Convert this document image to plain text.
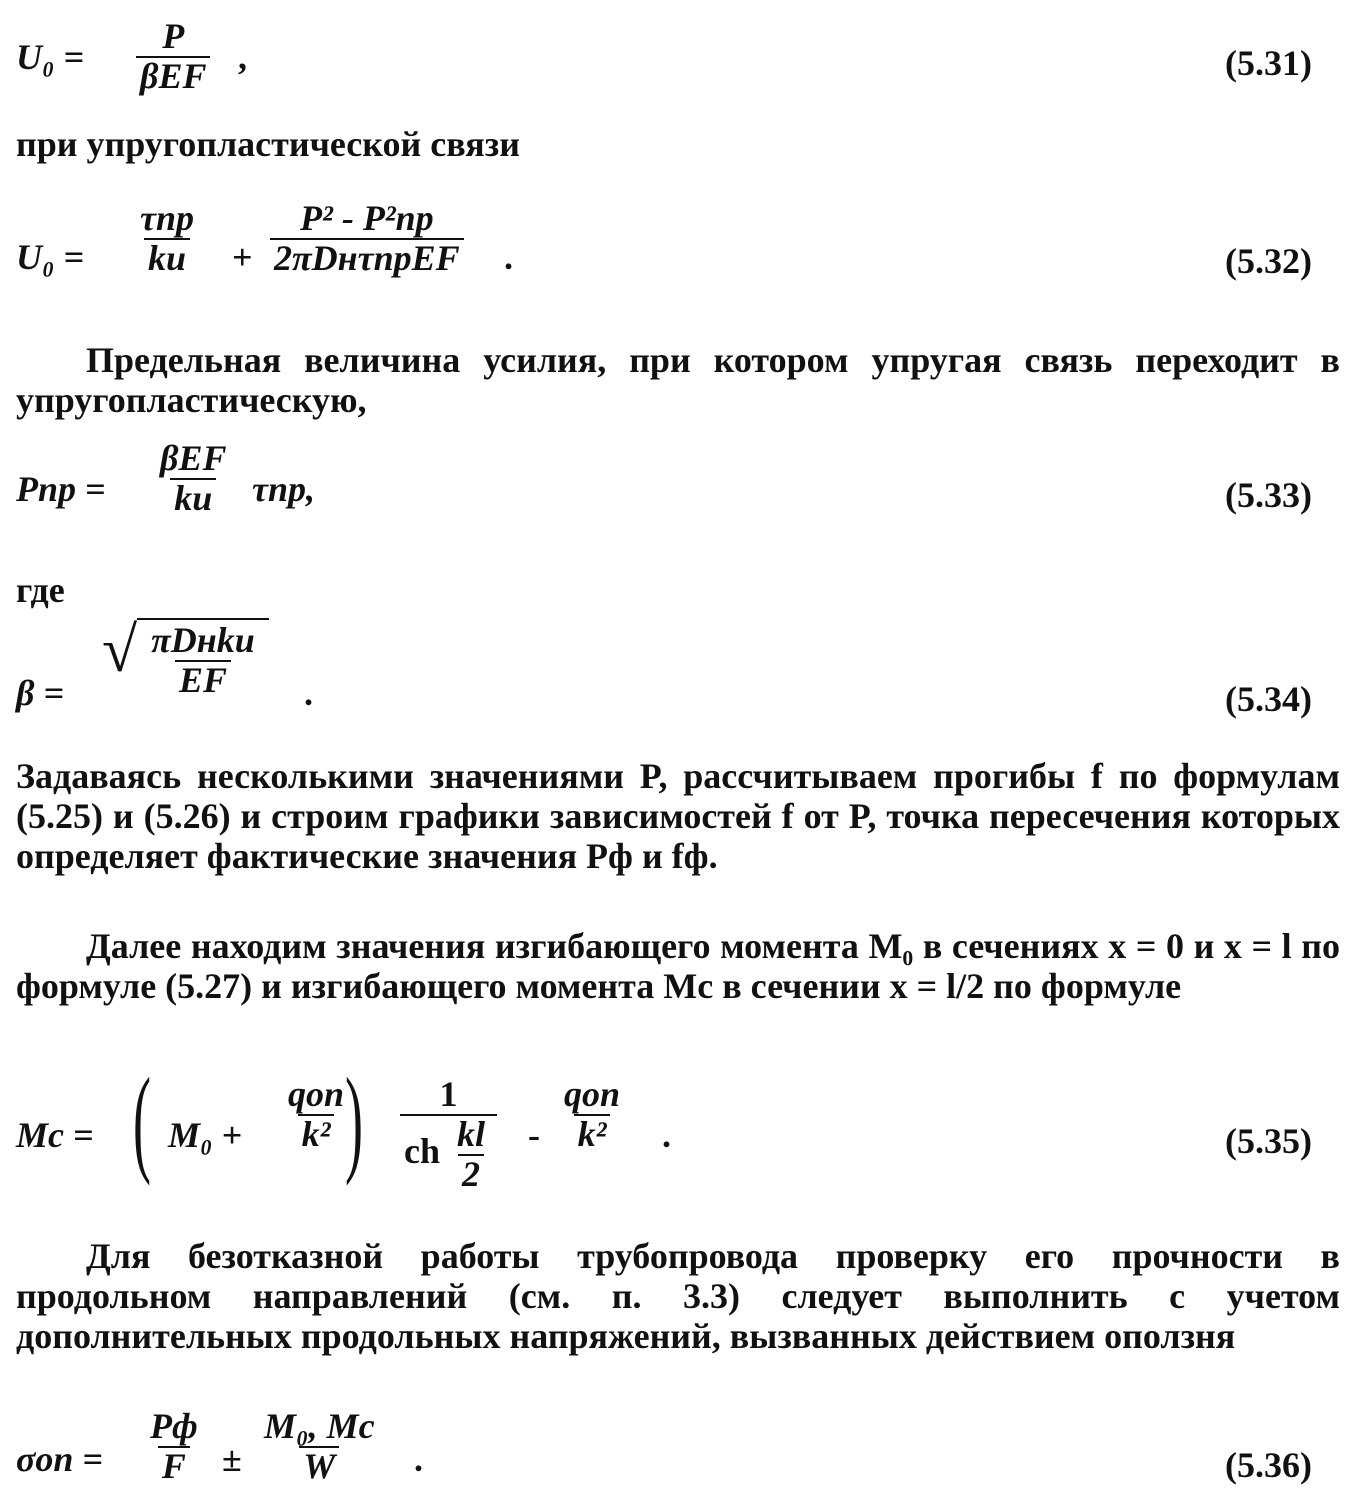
$U_0 = \frac{P}{\text{βEF}}$ ,	(5.31)
при упругопластической связи
$U_0 = \frac{\text{τпр}}{kи} + \frac{\text{P² - P²пр}}{\text{2πDнτпрEF}}$ .	(5.32)
Предельная величина усилия, при котором упругая связь переходит в упругопластическую,
Pпр = $\frac{\text{βEF}}{kи} \tau пр$,	(5.33)
где
β =
√ $\frac{\text{πDнkи}}{EF}$ .	(5.34)
Задаваясь несколькими значениями P, рассчитываем прогибы f по формулам (5.25) и (5.26) и строим графики зависимостей f от P, точка пересечения которых определяет фактические значения Pф и fф.
Далее находим значения изгибающего момента M₀ в сечениях x = 0 и x = l по формуле (5.27) и изгибающего момента Mc в сечении x = l/2 по формуле
Mc = ( $M_0 + \frac{\text{qоп}}{\text{k²}}$
) $\frac{1}{ch \frac{kl}{2}} - \frac{\text{qоп}}{\text{k²}}$ .	(5.35)
Для безотказной работы трубопровода проверку его прочности в продольном направлений (см. п. 3.3) следует выполнить с учетом дополнительных продольных напряжений, вызванных действием оползня
$\sigma оп = \frac{Pф}{F} \pm \frac{\text{M₀, Mc}}{W}$ .	(5.36)
